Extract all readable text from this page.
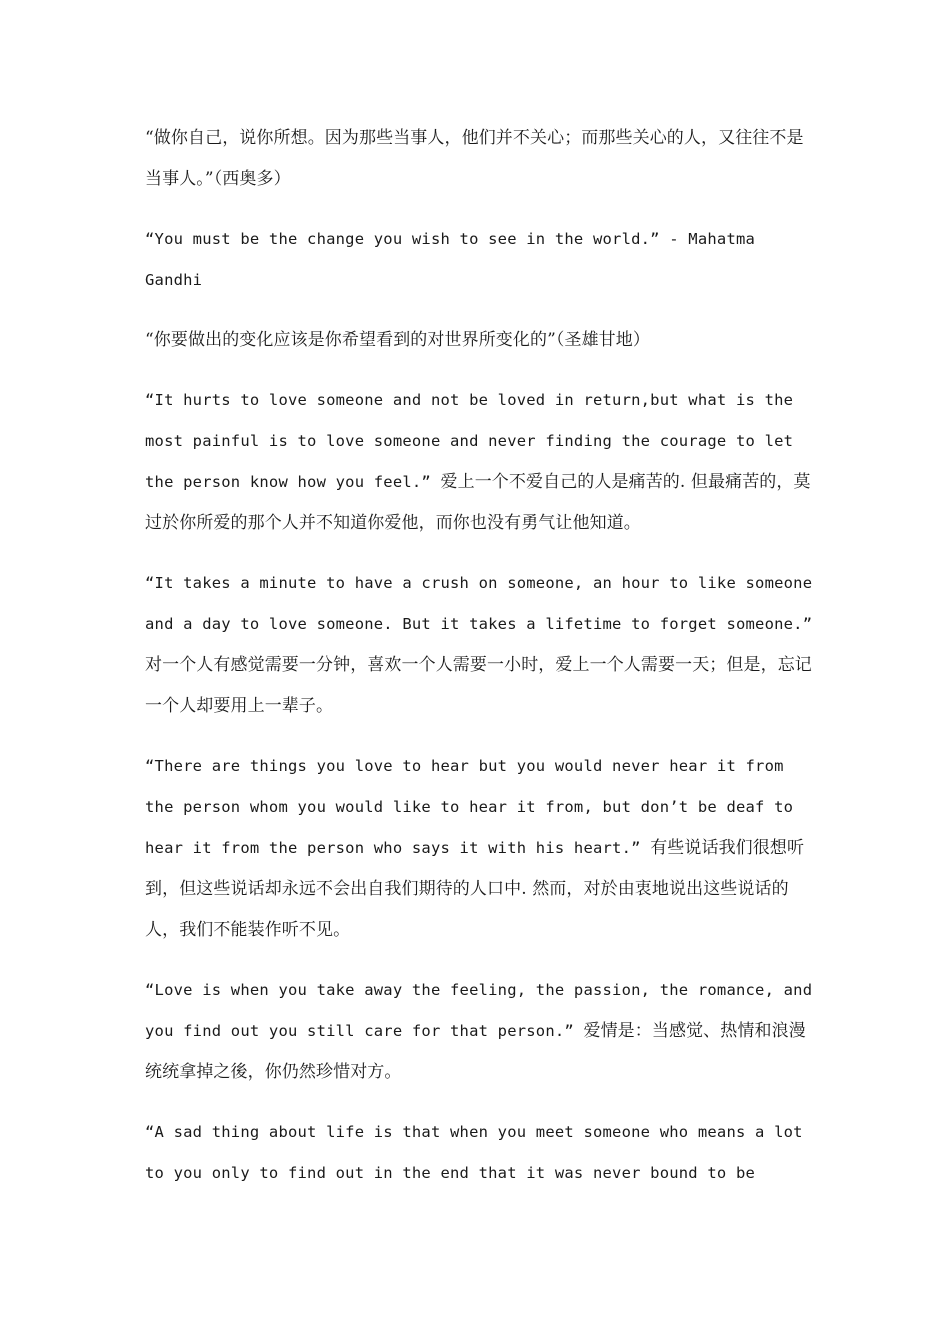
“做你自己，说你所想。因为那些当事人，他们并不关心；而那些关心的人，又往往不是当事人。”（西奥多）

“You must be the change you wish to see in the world.” - Mahatma Gandhi

“你要做出的变化应该是你希望看到的对世界所变化的”（圣雄甘地）

“It hurts to love someone and not be loved in return,but what is the most painful is to love someone and never finding the courage to let the person know how you feel.” 爱上一个不爱自己的人是痛苦的. 但最痛苦的，莫过於你所爱的那个人并不知道你爱他，而你也没有勇气让他知道。

“It takes a minute to have a crush on someone, an hour to like someone and a day to love someone. But it takes a lifetime to forget someone.” 对一个人有感觉需要一分钟，喜欢一个人需要一小时，爱上一个人需要一天；但是，忘记一个人却要用上一辈子。

“There are things you love to hear but you would never hear it from the person whom you would like to hear it from, but don’t be deaf to hear it from the person who says it with his heart.” 有些说话我们很想听到，但这些说话却永远不会出自我们期待的人口中. 然而，对於由衷地说出这些说话的人，我们不能装作听不见。

“Love is when you take away the feeling, the passion, the romance, and you find out you still care for that person.” 爱情是：当感觉、热情和浪漫统统拿掉之後，你仍然珍惜对方。

“A sad thing about life is that when you meet someone who means a lot to you only to find out in the end that it was never bound to be
